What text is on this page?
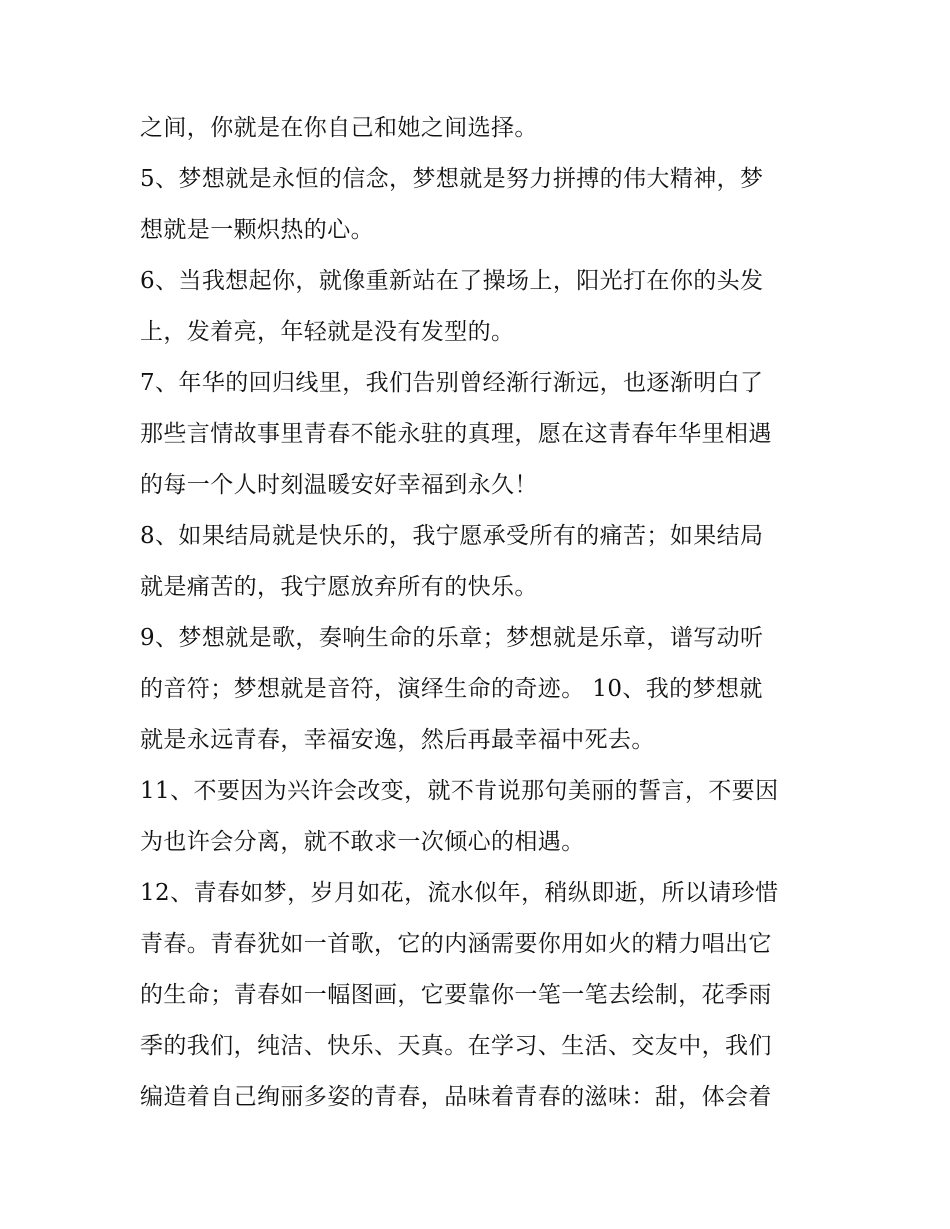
之间，你就是在你自己和她之间选择。
5、梦想就是永恒的信念，梦想就是努力拼搏的伟大精神，梦
想就是一颗炽热的心。
6、当我想起你，就像重新站在了操场上，阳光打在你的头发
上，发着亮，年轻就是没有发型的。
7、年华的回归线里，我们告别曾经渐行渐远，也逐渐明白了
那些言情故事里青春不能永驻的真理，愿在这青春年华里相遇
的每一个人时刻温暖安好幸福到永久！
8、如果结局就是快乐的，我宁愿承受所有的痛苦；如果结局
就是痛苦的，我宁愿放弃所有的快乐。
9、梦想就是歌，奏响生命的乐章；梦想就是乐章，谱写动听
的音符；梦想就是音符，演绎生命的奇迹。 10、我的梦想就
就是永远青春，幸福安逸，然后再最幸福中死去。
11、不要因为兴许会改变，就不肯说那句美丽的誓言，不要因
为也许会分离，就不敢求一次倾心的相遇。
12、青春如梦，岁月如花，流水似年，稍纵即逝，所以请珍惜
青春。青春犹如一首歌，它的内涵需要你用如火的精力唱出它
的生命；青春如一幅图画，它要靠你一笔一笔去绘制，花季雨
季的我们，纯洁、快乐、天真。在学习、生活、交友中，我们
编造着自己绚丽多姿的青春，品味着青春的滋味：甜，体会着
